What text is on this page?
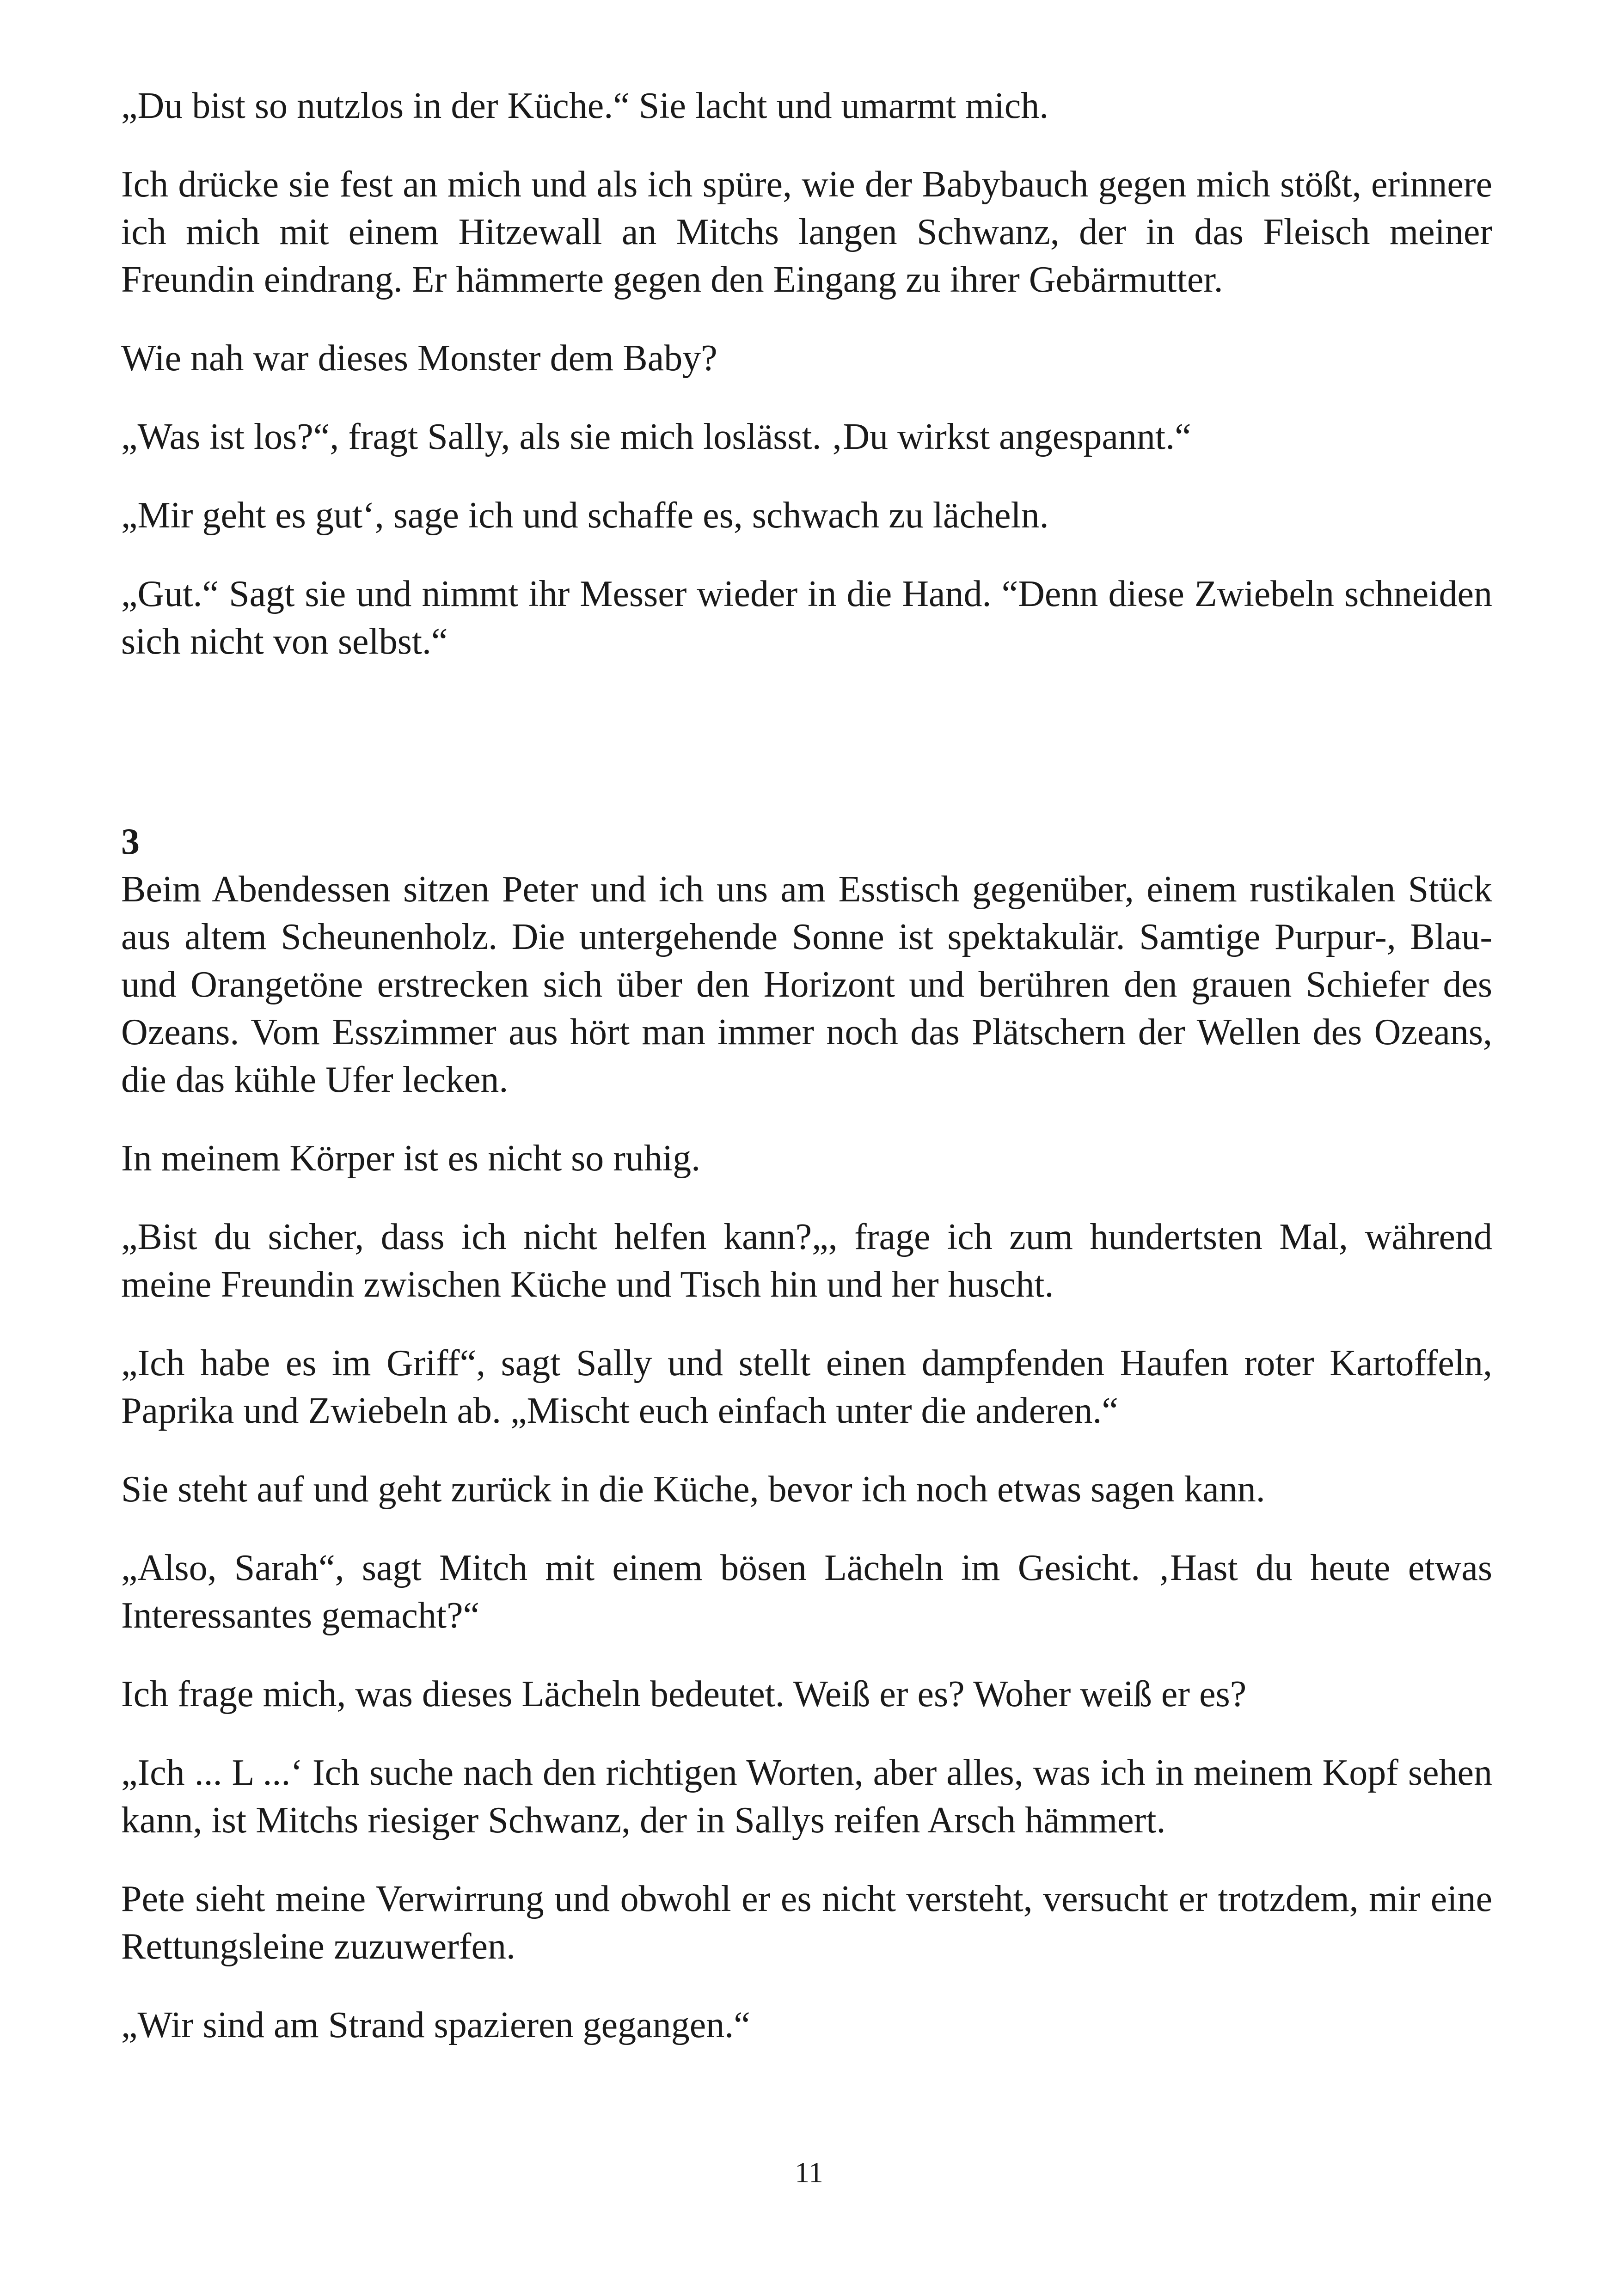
„Du bist so nutzlos in der Küche.“ Sie lacht und umarmt mich.

Ich drücke sie fest an mich und als ich spüre, wie der Babybauch gegen mich stößt, erinnere ich mich mit einem Hitzewall an Mitchs langen Schwanz, der in das Fleisch meiner Freundin eindrang. Er hämmerte gegen den Eingang zu ihrer Gebärmutter.

Wie nah war dieses Monster dem Baby?

„Was ist los?“, fragt Sally, als sie mich loslässt. ‚Du wirkst angespannt.“

„Mir geht es gut‘, sage ich und schaffe es, schwach zu lächeln.

„Gut.“ Sagt sie und nimmt ihr Messer wieder in die Hand. “Denn diese Zwiebeln schneiden sich nicht von selbst.“

3

Beim Abendessen sitzen Peter und ich uns am Esstisch gegenüber, einem rustikalen Stück aus altem Scheunenholz. Die untergehende Sonne ist spektakulär. Samtige Purpur-, Blau- und Orangetöne erstrecken sich über den Horizont und berühren den grauen Schiefer des Ozeans. Vom Esszimmer aus hört man immer noch das Plätschern der Wellen des Ozeans, die das kühle Ufer lecken.

In meinem Körper ist es nicht so ruhig.

„Bist du sicher, dass ich nicht helfen kann?„, frage ich zum hundertsten Mal, während meine Freundin zwischen Küche und Tisch hin und her huscht.

„Ich habe es im Griff“, sagt Sally und stellt einen dampfenden Haufen roter Kartoffeln, Paprika und Zwiebeln ab. „Mischt euch einfach unter die anderen.“

Sie steht auf und geht zurück in die Küche, bevor ich noch etwas sagen kann.

„Also, Sarah“, sagt Mitch mit einem bösen Lächeln im Gesicht. ‚Hast du heute etwas Interessantes gemacht?“

Ich frage mich, was dieses Lächeln bedeutet. Weiß er es? Woher weiß er es?

„Ich ... L ...‘ Ich suche nach den richtigen Worten, aber alles, was ich in meinem Kopf sehen kann, ist Mitchs riesiger Schwanz, der in Sallys reifen Arsch hämmert.

Pete sieht meine Verwirrung und obwohl er es nicht versteht, versucht er trotzdem, mir eine Rettungsleine zuzuwerfen.

„Wir sind am Strand spazieren gegangen.“

11
